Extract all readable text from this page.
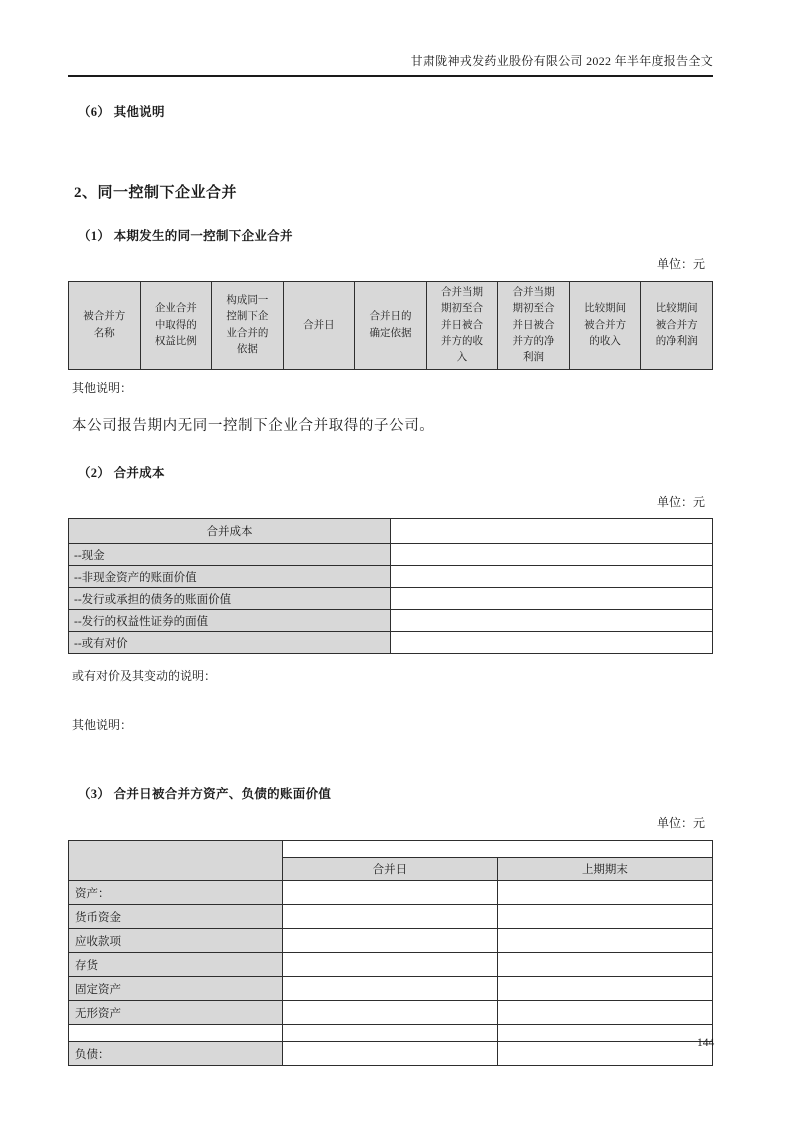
甘肃陇神戎发药业股份有限公司 2022 年半年度报告全文
（6） 其他说明
2、同一控制下企业合并
（1） 本期发生的同一控制下企业合并
单位：元
被合并方名称	企业合并中取得的权益比例	构成同一控制下企业合并的依据	合并日	合并日的确定依据	合并当期期初至合并日被合并方的收入	合并当期期初至合并日被合并方的净利润	比较期间被合并方的收入	比较期间被合并方的净利润
其他说明：
本公司报告期内无同一控制下企业合并取得的子公司。
（2） 合并成本
单位：元
合并成本	
--现金	
--非现金资产的账面价值	
--发行或承担的债务的账面价值	
--发行的权益性证券的面值	
--或有对价	
或有对价及其变动的说明：
其他说明：
（3） 合并日被合并方资产、负债的账面价值
单位：元

	合并日	上期期末
资产：		
货币资金		
应收款项		
存货		
固定资产		
无形资产		

负债：		
144
